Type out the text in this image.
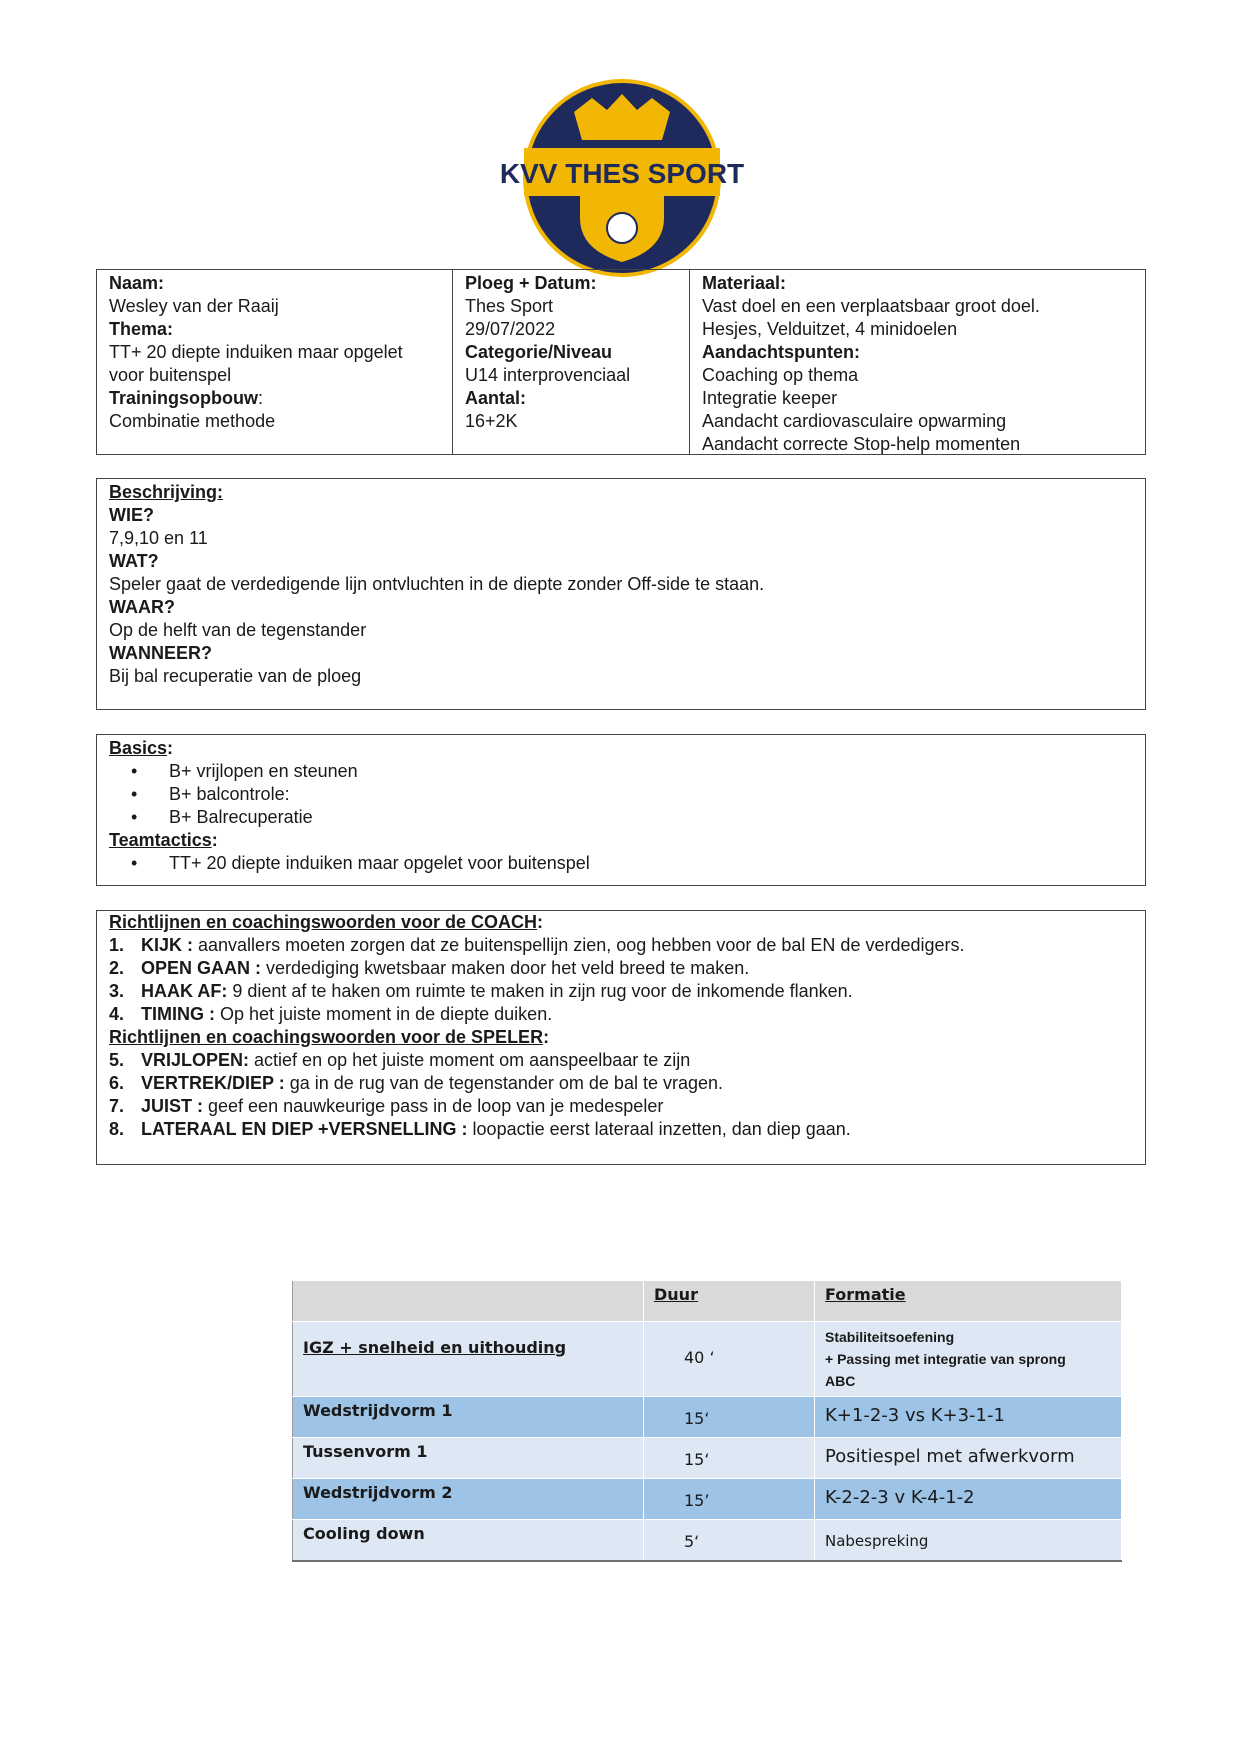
KVV THES SPORT
Naam:
Wesley van der Raaij
Thema:
TT+ 20 diepte induiken maar opgelet voor buitenspel
Trainingsopbouw:
Combinatie methode
Ploeg + Datum:
Thes Sport
29/07/2022
Categorie/Niveau
U14 interprovenciaal
Aantal:
16+2K
Materiaal:
Vast doel en een verplaatsbaar groot doel.
Hesjes, Velduitzet, 4 minidoelen
Aandachtspunten:
Coaching op thema
Integratie keeper
Aandacht cardiovasculaire opwarming
Aandacht correcte Stop-help momenten
Beschrijving:
WIE?
7,9,10 en 11
WAT?
Speler gaat de verdedigende lijn ontvluchten in de diepte zonder Off-side te staan.
WAAR?
Op de helft van de tegenstander
WANNEER?
Bij bal recuperatie van de ploeg
Basics:
• B+ vrijlopen en steunen
• B+ balcontrole:
• B+ Balrecuperatie
Teamtactics:
• TT+ 20 diepte induiken maar opgelet voor buitenspel
Richtlijnen en coachingswoorden voor de COACH:
1. KIJK : aanvallers moeten zorgen dat ze buitenspellijn zien, oog hebben voor de bal EN de verdedigers.
2. OPEN GAAN : verdediging kwetsbaar maken door het veld breed te maken.
3. HAAK AF: 9 dient af te haken om ruimte te maken in zijn rug voor de inkomende flanken.
4. TIMING : Op het juiste moment in de diepte duiken.
Richtlijnen en coachingswoorden voor de SPELER:
5. VRIJLOPEN: actief en op het juiste moment om aanspeelbaar te zijn
6. VERTREK/DIEP : ga in de rug van de tegenstander om de bal te vragen.
7. JUIST : geef een nauwkeurige pass in de loop van je medespeler
8. LATERAAL EN DIEP +VERSNELLING : loopactie eerst lateraal inzetten, dan diep gaan.
	Duur	Formatie
IGZ + snelheid en uithouding	40 ‘	Stabiliteitsoefening
+ Passing met integratie van sprong
ABC

Wedstrijdvorm 1	15‘	K+1-2-3 vs K+3-1-1
Tussenvorm 1	15‘	Positiespel met afwerkvorm
Wedstrijdvorm 2	15’	K-2-2-3 v K-4-1-2
Cooling down	5‘	Nabespreking
